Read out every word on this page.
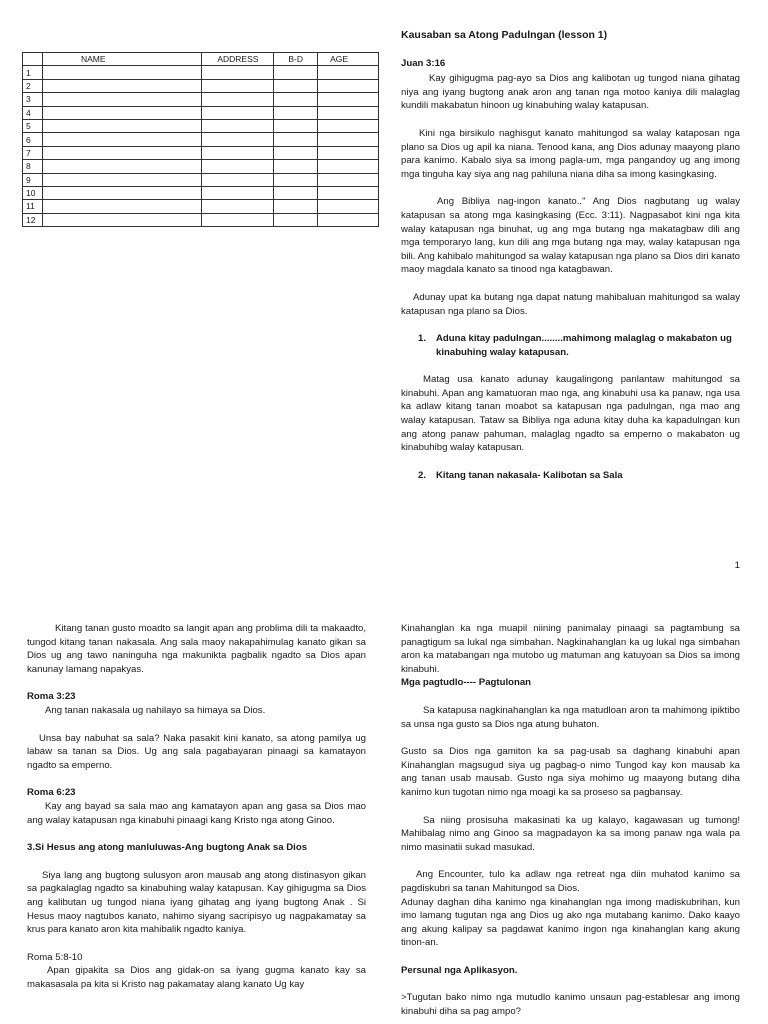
	NAME	ADDRESS	B-D	AGE
1				
2				
3				
4				
5				
6				
7				
8				
9				
10				
11				
12				
Kausaban sa Atong Padulngan (lesson 1)
Juan 3:16

Kay gihigugma pag-ayo sa Dios ang kalibotan ug tungod niana gihatag niya ang iyang bugtong anak aron ang tanan nga motoo kaniya dili malaglag kundili makabatun hinoon ug kinabuhing walay katapusan.

Kini nga birsikulo naghisgut kanato mahitungod sa walay kataposan nga plano sa Dios ug apil ka niana. Tenood kana, ang Dios adunay maayong plano para kanimo. Kabalo siya sa imong pagla-um, mga pangandoy ug ang imong mga tinguha kay siya ang nag pahiluna niana diha sa imong kasingkasing.

Ang Bibliya nag-ingon kanato.." Ang Dios nagbutang ug walay katapusan sa atong mga kasingkasing (Ecc. 3:11). Nagpasabot kini nga kita walay katapusan nga binuhat, ug ang mga butang nga makatagbaw dili ang mga temporaryo lang, kun dili ang mga butang nga may, walay katapusan nga bili. Ang kahibalo mahitungod sa walay katapusan nga plano sa Dios diri kanato maoy magdala kanato sa tinood nga katagbawan.

Adunay upat ka butang nga dapat natung mahibaluan mahitungod sa walay katapusan nga plano sa Dios.

1.	Aduna kitay padulngan........mahimong malaglag o makabaton ug kinabuhing walay katapusan.

Matag usa kanato adunay kaugalingong panlantaw mahitungod sa kinabuhi. Apan ang kamatuoran mao nga, ang kinabuhi usa ka panaw, nga usa ka adlaw kitang tanan moabot sa katapusan nga padulngan, nga mao ang walay katapusan. Tataw sa Bibliya nga aduna kitay duha ka kapadulngan kun ang atong panaw pahuman, malaglag ngadto sa emperno o makabaton ug kinabuhibg walay katapusan.

2.	Kitang tanan nakasala- Kalibotan sa Sala
1

Kitang tanan gusto moadto sa langit apan ang problima dili ta makaadto, tungod kitang tanan nakasala. Ang sala maoy nakapahimulag kanato gikan sa Dios ug ang tawo naninguha nga makunikta pagbalik ngadto sa Dios apan kanunay lamang napakyas.

Roma 3:23

Ang tanan nakasala ug nahilayo sa himaya sa Dios.

Unsa bay nabuhat sa sala? Naka pasakit kini kanato, sa atong pamilya ug labaw sa tanan sa Dios. Ug ang sala pagabayaran pinaagi sa kamatayon ngadto sa emperno.

Roma 6:23

Kay ang bayad sa sala mao ang kamatayon apan ang gasa sa Dios mao ang walay katapusan nga kinabuhi pinaagi kang Kristo nga atong Ginoo.

3.Si Hesus ang atong manluluwas-Ang bugtong Anak sa Dios

Siya lang ang bugtong sulusyon aron mausab ang atong distinasyon gikan sa pagkalaglag ngadto sa kinabuhing walay katapusan. Kay gihigugma sa Dios ang kalibutan ug tungod niana iyang gihatag ang iyang bugtong Anak . Si Hesus maoy nagtubos kanato, nahimo siyang sacripisyo ug nagpakamatay sa krus para kanato aron kita mahibalik ngadto kaniya.

Roma 5:8-10

Apan gipakita sa Dios ang gidak-on sa iyang gugma kanato kay sa makasasala pa kita si Kristo nag pakamatay alang kanato Ug kay

Kinahanglan ka nga muapil niining panimalay pinaagi sa pagtambung sa panagtigum sa lukal nga simbahan. Nagkinahanglan ka ug lukal nga simbahan aron ka matabangan nga mutobo ug matuman ang katuyoan sa Dios sa imong kinabuhi.

Mga pagtudlo---- Pagtulonan

Sa katapusa nagkinahanglan ka nga matudloan aron ta mahimong ipiktibo sa unsa nga gusto sa Dios nga atung buhaton.

Gusto sa Dios nga gamiton ka sa pag-usab sa daghang kinabuhi apan Kinahanglan magsugud siya ug pagbag-o nimo Tungod kay kon mausab ka ang tanan usab mausab. Gusto nga siya mohimo ug maayong butang diha kanimo kun tugotan nimo nga moagi ka sa proseso sa pagbansay.

Sa niing prosisuha makasinati ka ug kalayo, kagawasan ug tumong! Mahibalag nimo ang Ginoo sa magpadayon ka sa imong panaw nga wala pa nimo masinatii sukad masukad.

Ang Encounter, tulo ka adlaw nga retreat nga diin muhatod kanimo sa pagdiskubri sa tanan Mahitungod sa Dios.

Adunay daghan diha kanimo nga kinahanglan nga imong madiskubrihan, kun imo lamang tugutan nga ang Dios ug ako nga mutabang kanimo. Dako kaayo ang akung kalipay sa pagdawat kanimo ingon nga kinahanglan kang akung tinon-an.

Persunal nga Aplikasyon.

>Tugutan bako nimo nga mutudlo kanimo unsaun pag-establesar ang imong kinabuhi diha sa pag ampo?
